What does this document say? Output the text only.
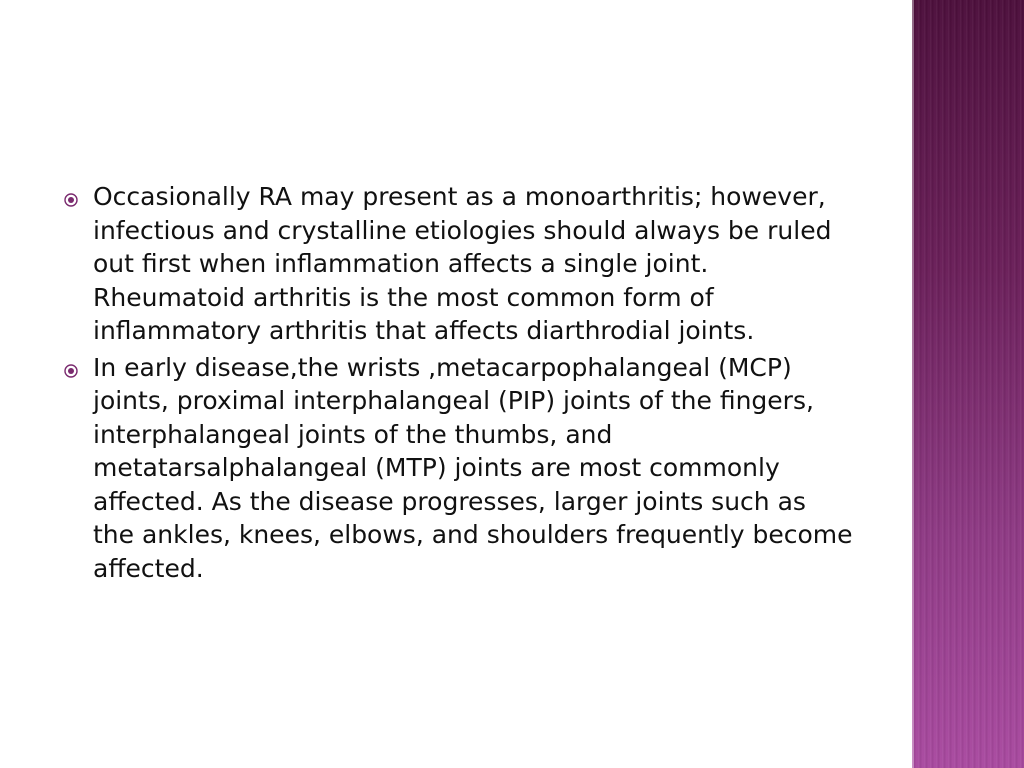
Occasionally RA may present as a monoarthritis; however, infectious and crystalline etiologies should always be ruled out first when inflammation affects a single joint. Rheumatoid arthritis is the most common form of inflammatory arthritis that affects diarthrodial joints.
In early disease,the wrists ,metacarpophalangeal (MCP) joints, proximal interphalangeal (PIP) joints of the fingers, interphalangeal joints of the thumbs, and metatarsalphalangeal (MTP) joints are most commonly affected. As the disease progresses, larger joints such as the ankles, knees, elbows, and shoulders frequently become affected.
